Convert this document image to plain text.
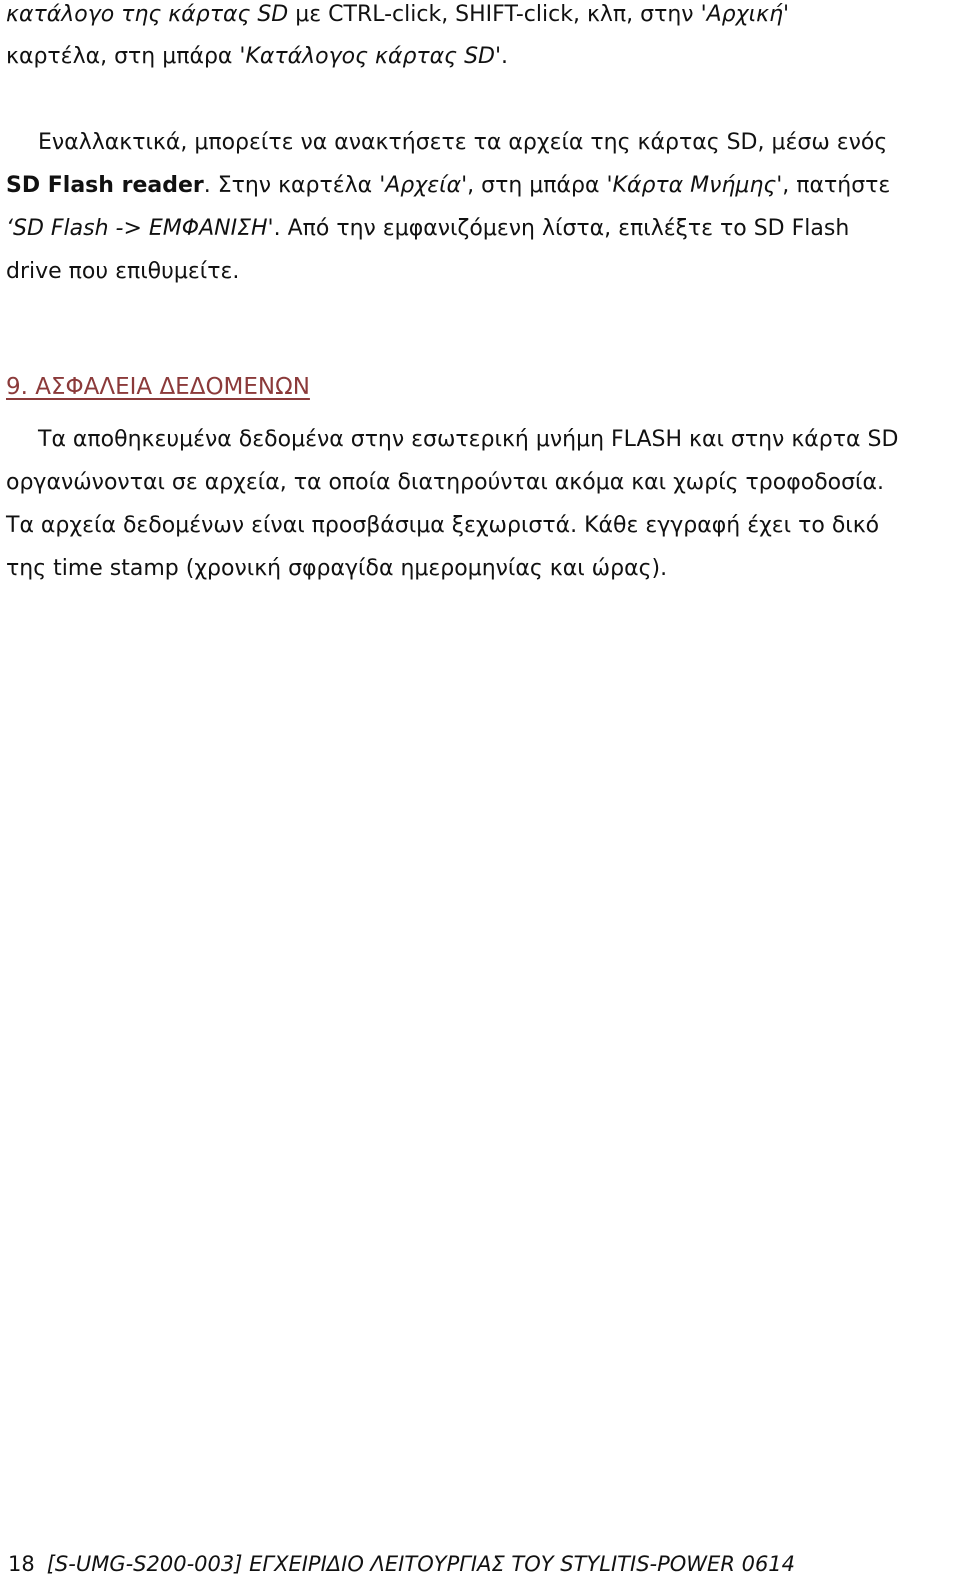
κατάλογο της κάρτας SD με CTRL-click, SHIFT-click, κλπ, στην 'Αρχική'
καρτέλα, στη μπάρα 'Κατάλογος κάρτας SD'.
Εναλλακτικά, μπορείτε να ανακτήσετε τα αρχεία της κάρτας SD, μέσω ενός
SD Flash reader. Στην καρτέλα 'Αρχεία', στη μπάρα 'Κάρτα Μνήμης', πατήστε
‘SD Flash -> ΕΜΦΑΝΙΣΗ'. Από την εμφανιζόμενη λίστα, επιλέξτε το SD Flash
drive που επιθυμείτε.
9. ΑΣΦΑΛΕΙΑ ΔΕΔΟΜΕΝΩΝ
Τα αποθηκευμένα δεδομένα στην εσωτερική μνήμη FLASH και στην κάρτα SD
οργανώνονται σε αρχεία, τα οποία διατηρούνται ακόμα και χωρίς τροφοδοσία.
Τα αρχεία δεδομένων είναι προσβάσιμα ξεχωριστά. Κάθε εγγραφή έχει το δικό
της time stamp (χρονική σφραγίδα ημερομηνίας και ώρας).
18 [S-UMG-S200-003] ΕΓΧΕΙΡΙΔΙΟ ΛΕΙΤΟΥΡΓΙΑΣ ΤΟΥ STYLITIS-POWER 0614
